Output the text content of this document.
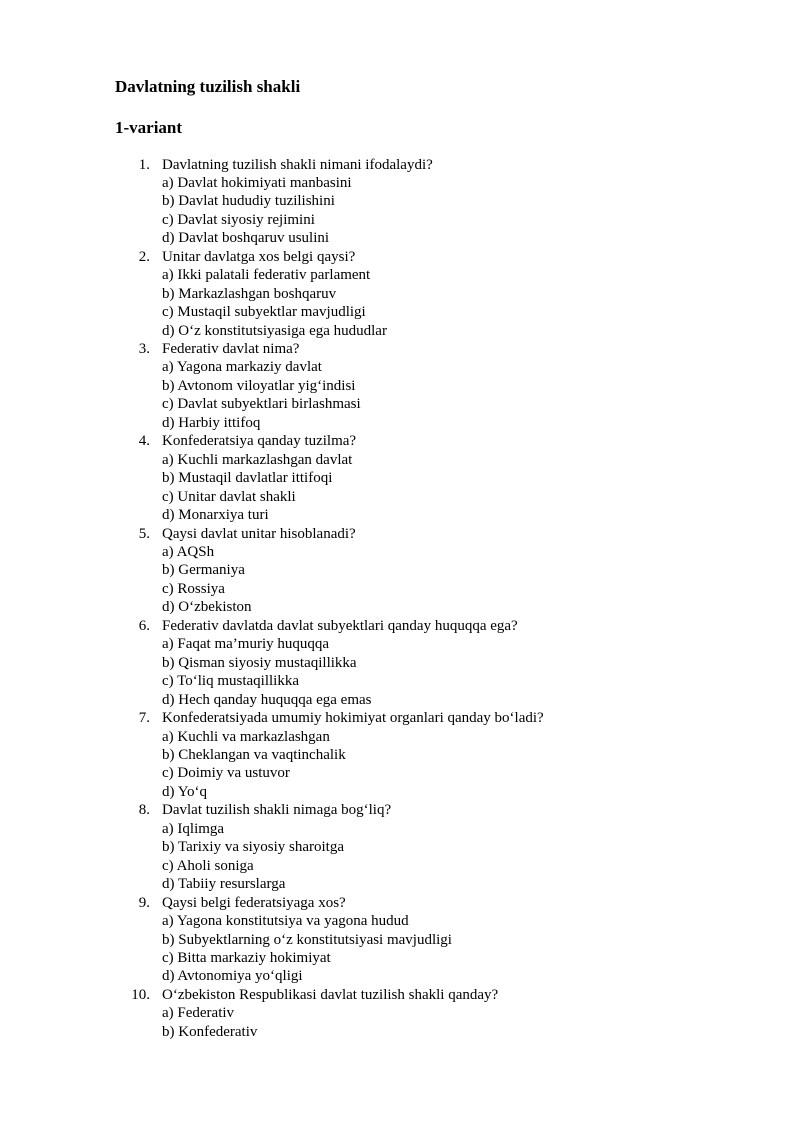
Davlatning tuzilish shakli
1-variant
1. Davlatning tuzilish shakli nimani ifodalaydi?
a) Davlat hokimiyati manbasini
b) Davlat hududiy tuzilishini
c) Davlat siyosiy rejimini
d) Davlat boshqaruv usulini
2. Unitar davlatga xos belgi qaysi?
a) Ikki palatali federativ parlament
b) Markazlashgan boshqaruv
c) Mustaqil subyektlar mavjudligi
d) O‘z konstitutsiyasiga ega hududlar
3. Federativ davlat nima?
a) Yagona markaziy davlat
b) Avtonom viloyatlar yig‘indisi
c) Davlat subyektlari birlashmasi
d) Harbiy ittifoq
4. Konfederatsiya qanday tuzilma?
a) Kuchli markazlashgan davlat
b) Mustaqil davlatlar ittifoqi
c) Unitar davlat shakli
d) Monarxiya turi
5. Qaysi davlat unitar hisoblanadi?
a) AQSh
b) Germaniya
c) Rossiya
d) O‘zbekiston
6. Federativ davlatda davlat subyektlari qanday huquqqa ega?
a) Faqat ma’muriy huquqqa
b) Qisman siyosiy mustaqillikka
c) To‘liq mustaqillikka
d) Hech qanday huquqqa ega emas
7. Konfederatsiyada umumiy hokimiyat organlari qanday bo‘ladi?
a) Kuchli va markazlashgan
b) Cheklangan va vaqtinchalik
c) Doimiy va ustuvor
d) Yo‘q
8. Davlat tuzilish shakli nimaga bog‘liq?
a) Iqlimga
b) Tarixiy va siyosiy sharoitga
c) Aholi soniga
d) Tabiiy resurslarga
9. Qaysi belgi federatsiyaga xos?
a) Yagona konstitutsiya va yagona hudud
b) Subyektlarning o‘z konstitutsiyasi mavjudligi
c) Bitta markaziy hokimiyat
d) Avtonomiya yo‘qligi
10. O‘zbekiston Respublikasi davlat tuzilish shakli qanday?
a) Federativ
b) Konfederativ
